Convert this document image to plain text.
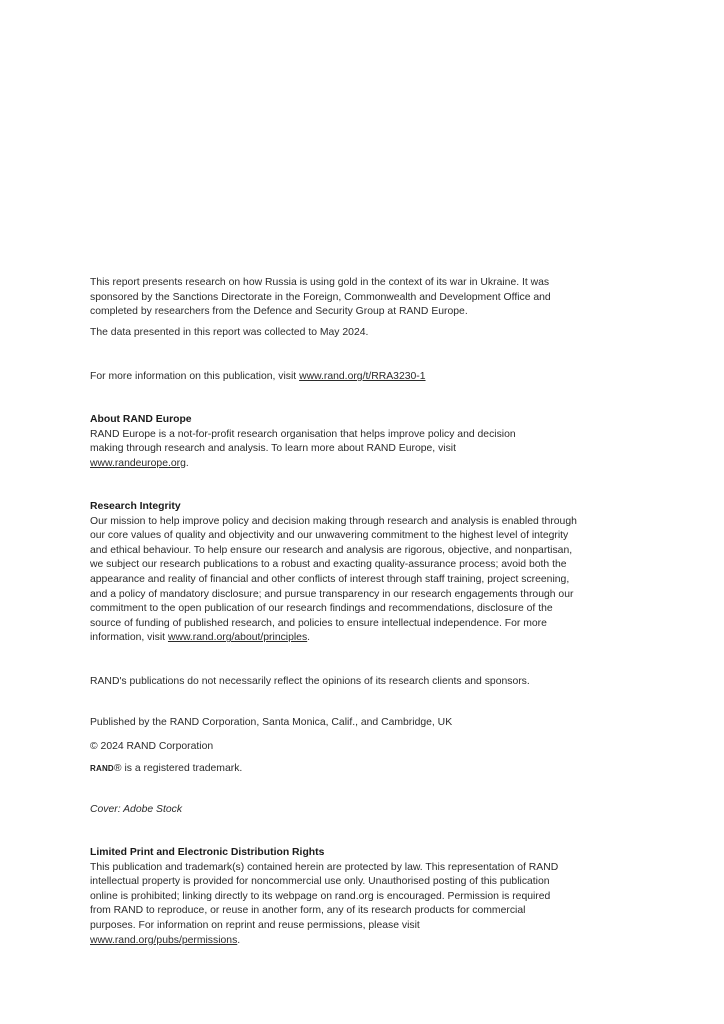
This report presents research on how Russia is using gold in the context of its war in Ukraine. It was sponsored by the Sanctions Directorate in the Foreign, Commonwealth and Development Office and completed by researchers from the Defence and Security Group at RAND Europe.

The data presented in this report was collected to May 2024.

For more information on this publication, visit www.rand.org/t/RRA3230-1

About RAND Europe

RAND Europe is a not-for-profit research organisation that helps improve policy and decision making through research and analysis. To learn more about RAND Europe, visit www.randeurope.org.

Research Integrity

Our mission to help improve policy and decision making through research and analysis is enabled through our core values of quality and objectivity and our unwavering commitment to the highest level of integrity and ethical behaviour. To help ensure our research and analysis are rigorous, objective, and nonpartisan, we subject our research publications to a robust and exacting quality-assurance process; avoid both the appearance and reality of financial and other conflicts of interest through staff training, project screening, and a policy of mandatory disclosure; and pursue transparency in our research engagements through our commitment to the open publication of our research findings and recommendations, disclosure of the source of funding of published research, and policies to ensure intellectual independence. For more information, visit www.rand.org/about/principles.

RAND's publications do not necessarily reflect the opinions of its research clients and sponsors.

Published by the RAND Corporation, Santa Monica, Calif., and Cambridge, UK

© 2024 RAND Corporation

RAND® is a registered trademark.

Cover: Adobe Stock

Limited Print and Electronic Distribution Rights

This publication and trademark(s) contained herein are protected by law. This representation of RAND intellectual property is provided for noncommercial use only. Unauthorised posting of this publication online is prohibited; linking directly to its webpage on rand.org is encouraged. Permission is required from RAND to reproduce, or reuse in another form, any of its research products for commercial purposes. For information on reprint and reuse permissions, please visit www.rand.org/pubs/permissions.
